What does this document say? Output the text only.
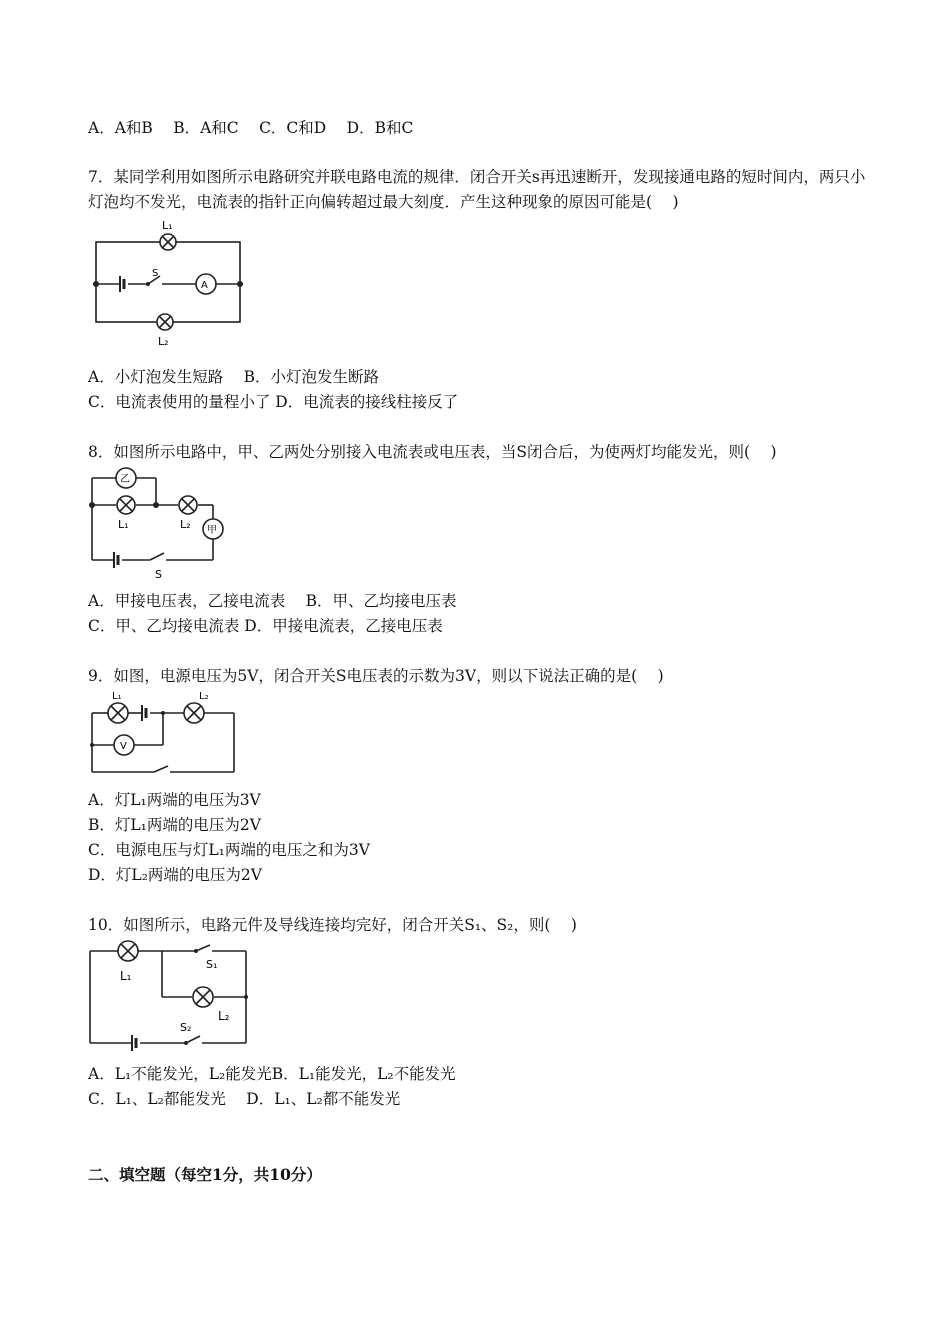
A．A和B　 B．A和C　 C．C和D　 D．B和C
7．某同学利用如图所示电路研究并联电路电流的规律．闭合开关s再迅速断开，发现接通电路的短时间内，两只小灯泡均不发光，电流表的指针正向偏转超过最大刻度．产生这种现象的原因可能是(　 )
L₁
L₂
S
A
A．小灯泡发生短路　 B．小灯泡发生断路
C．电流表使用的量程小了 D．电流表的接线柱接反了
8．如图所示电路中，甲、乙两处分别接入电流表或电压表，当S闭合后，为使两灯均能发光，则(　 )
乙
甲
L₁	L₂
S
A．甲接电压表，乙接电流表　 B．甲、乙均接电压表
C．甲、乙均接电流表 D．甲接电流表，乙接电压表
9．如图，电源电压为5V，闭合开关S电压表的示数为3V，则以下说法正确的是(　 )
L₁	L₂
V
A．灯L₁两端的电压为3V
B．灯L₁两端的电压为2V
C．电源电压与灯L₁两端的电压之和为3V
D．灯L₂两端的电压为2V
10．如图所示，电路元件及导线连接均完好，闭合开关S₁、S₂，则(　 )
L₁
L₂
S₁
S₂
A．L₁不能发光，L₂能发光B．L₁能发光，L₂不能发光
C．L₁、L₂都能发光　 D．L₁、L₂都不能发光
二、填空题（每空1分，共10分）
